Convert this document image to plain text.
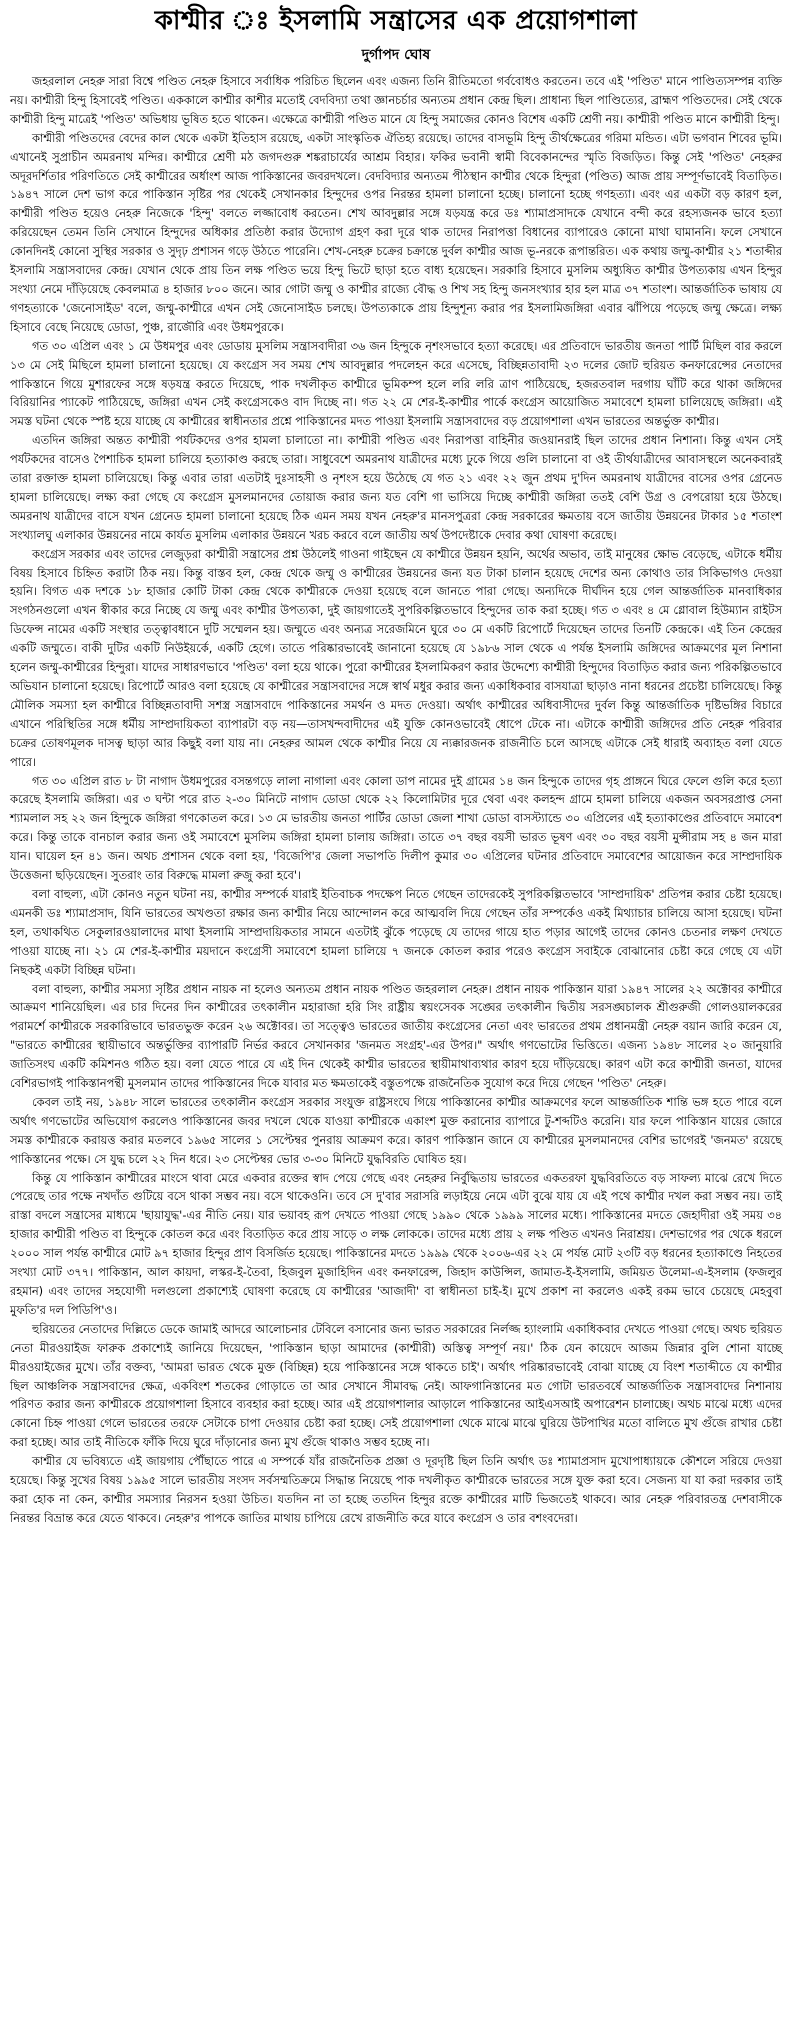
কাশ্মীর ঃ ইসলামি সন্ত্রাসের এক প্রয়োগশালা
দুর্গাপদ ঘোষ

জহরলাল নেহরু সারা বিশ্বে পণ্ডিত নেহরু হিসাবে সর্বাধিক পরিচিত ছিলেন এবং এজন্য তিনি রীতিমতো গর্ববোধও করতেন। তবে এই 'পণ্ডিত' মানে পাণ্ডিত্যসম্পন্ন ব্যক্তি নয়। কাশ্মীরী হিন্দু হিসাবেই পণ্ডিত। এককালে কাশ্মীর কাশীর মতোই বেদবিদ্যা তথা জ্ঞানচর্চার অন্যতম প্রধান কেন্দ্র ছিল। প্রাধান্য ছিল পাণ্ডিত্যের, ব্রাহ্মণ পণ্ডিতদের। সেই থেকে কাশ্মীরী হিন্দু মাত্রেই 'পণ্ডিত' অভিধায় ভূষিত হতে থাকেন। এক্ষেত্রে কাশ্মীরী পণ্ডিত মানে যে হিন্দু সমাজের কোনও বিশেষ একটি শ্রেণী নয়। কাশ্মীরী পণ্ডিত মানে কাশ্মীরী হিন্দু।

কাশ্মীরী পণ্ডিতদের বেদের কাল থেকে একটা ইতিহাস রয়েছে, একটা সাংস্কৃতিক ঐতিহ্য রয়েছে। তাদের বাসভূমি হিন্দু তীর্থক্ষেত্রের গরিমা মন্ডিত। এটা ভগবান শিবের ভূমি। এখানেই সুপ্রাচীন অমরনাথ মন্দির। কাশ্মীরে শ্রেণী মঠ জগদগুরু শঙ্করাচার্যের আশ্রম বিহার। ফকির ভবানী স্বামী বিবেকানন্দের স্মৃতি বিজড়িত। কিন্তু সেই 'পণ্ডিত' নেহরুর অদূরদর্শিতার পরিণতিতে সেই কাশ্মীরের অর্ধাংশ আজ পাকিস্তানের জবরদখলে। বেদবিদ্যার অন্যতম পীঠস্থান কাশ্মীর থেকে হিন্দুরা (পণ্ডিত) আজ প্রায় সম্পূর্ণভাবেই বিতাড়িত। ১৯৪৭ সালে দেশ ভাগ করে পাকিস্তান সৃষ্টির পর থেকেই সেখানকার হিন্দুদের ওপর নিরন্তর হামলা চালানো হচ্ছে। চালানো হচ্ছে গণহত্যা। এবং এর একটা বড় কারণ হল, কাশ্মীরী পণ্ডিত হয়েও নেহরু নিজেকে 'হিন্দু' বলতে লজ্জাবোধ করতেন। শেখ আবদুল্লার সঙ্গে যড়যন্ত্র করে ডঃ শ্যামাপ্রসাদকে যেখানে বন্দী করে রহস্যজনক ভাবে হত্যা করিয়েছেন তেমন তিনি সেখানে হিন্দুদের অধিকার প্রতিষ্ঠা করার উদ্যোগ গ্রহণ করা দূরে থাক তাদের নিরাপত্তা বিধানের ব্যাপারেও কোনো মাথা ঘামাননি। ফলে সেখানে কোনদিনই কোনো সুস্থির সরকার ও সুদৃঢ় প্রশাসন গড়ে উঠতে পারেনি। শেখ-নেহরু চক্রের চক্রান্তে দুর্বল কাশ্মীর আজ ভূ-নরকে রূপান্তরিত। এক কথায় জম্মু-কাশ্মীর ২১ শতাব্দীর ইসলামি সন্ত্রাসবাদের কেন্দ্র। যেখান থেকে প্রায় তিন লক্ষ পণ্ডিত ভয়ে হিন্দু ভিটে ছাড়া হতে বাধ্য হয়েছেন। সরকারি হিসাবে মুসলিম অধ্যুষিত কাশ্মীর উপত্যকায় এখন হিন্দুর সংখ্যা নেমে দাঁড়িয়েছে কেবলমাত্র ৪ হাজার ৮০০ জনে। আর গোটা জম্মু ও কাশ্মীর রাজ্যে বৌদ্ধ ও শিখ সহ হিন্দু জনসংখ্যার হার হল মাত্র ৩৭ শতাংশ। আন্তর্জাতিক ভাষায় যে গণহত্যাকে 'জেনোসাইড' বলে, জম্মু-কাশ্মীরে এখন সেই জেনোসাইড চলছে। উপত্যকাকে প্রায় হিন্দুশূন্য করার পর ইসলামিজঙ্গিরা এবার ঝাঁপিয়ে পড়েছে জম্মু ক্ষেত্রে। লক্ষ্য হিসাবে বেছে নিয়েছে ডোডা, পুঞ্চ, রাজৌরি এবং উধমপুরকে।

গত ৩০ এপ্রিল এবং ১ মে উধমপুর এবং ডোডায় মুসলিম সন্ত্রাসবাদীরা ৩৬ জন হিন্দুকে নৃশংসভাবে হত্যা করেছে। এর প্রতিবাদে ভারতীয় জনতা পার্টি মিছিল বার করলে ১৩ মে সেই মিছিলে হামলা চালানো হয়েছে। যে কংগ্রেস সব সময় শেখ আবদুল্লার পদলেহন করে এসেছে, বিচ্ছিন্নতাবাদী ২৩ দলের জোট হুরিয়ত কনফারেন্সের নেতাদের পাকিস্তানে গিয়ে মুশারফের সঙ্গে ষড়যন্ত্র করতে দিয়েছে, পাক দখলীকৃত কাশ্মীরে ভূমিকম্প হলে লরি লরি ত্রাণ পাঠিয়েছে, হজরতবাল দরগায় ঘাঁটি করে থাকা জঙ্গিদের বিরিয়ানির প্যাকেট পাঠিয়েছে, জঙ্গিরা এখন সেই কংগ্রেসকেও বাদ দিচ্ছে না। গত ২২ মে শের-ই-কাশ্মীর পার্কে কংগ্রেস আয়োজিত সমাবেশে হামলা চালিয়েছে জঙ্গিরা। এই সমস্ত ঘটনা থেকে স্পষ্ট হয়ে যাচ্ছে যে কাশ্মীরের স্বাধীনতার প্রশ্নে পাকিস্তানের মদত পাওয়া ইসলামি সন্ত্রাসবাদের বড় প্রয়োগশালা এখন ভারতের অন্তর্ভুক্ত কাশ্মীর।

এতদিন জঙ্গিরা অন্তত কাশ্মীরী পর্যটকদের ওপর হামলা চালাতো না। কাশ্মীরী পণ্ডিত এবং নিরাপত্তা বাহিনীর জওয়ানরাই ছিল তাদের প্রধান নিশানা। কিন্তু এখন সেই পর্যটকদের বাসেও পৈশাচিক হামলা চালিয়ে হত্যাকাণ্ড করছে তারা। সাধুবেশে অমরনাথ যাত্রীদের মধ্যে ঢুকে গিয়ে গুলি চালানো বা ওই তীর্থযাত্রীদের আবাসস্থলে অনেকবারই তারা রক্তাক্ত হামলা চালিয়েছে। কিন্তু এবার তারা এতটাই দুঃসাহসী ও নৃশংস হয়ে উঠেছে যে গত ২১ এবং ২২ জুন প্রথম দু'দিন অমরনাথ যাত্রীদের বাসের ওপর গ্রেনেড হামলা চালিয়েছে। লক্ষ্য করা গেছে যে কংগ্রেস মুসলমানদের তোয়াজ করার জন্য যত বেশি গা ভাসিয়ে দিচ্ছে কাশ্মীরী জঙ্গিরা ততই বেশি উগ্র ও বেপরোয়া হয়ে উঠছে। অমরনাথ যাত্রীদের বাসে যখন গ্রেনেড হামলা চালানো হয়েছে ঠিক এমন সময় যখন নেহরু'র মানসপুত্ররা কেন্দ্র সরকারের ক্ষমতায় বসে জাতীয় উন্নয়নের টাকার ১৫ শতাংশ সংখ্যালঘু এলাকার উন্নয়নের নামে কার্যত মুসলিম এলাকার উন্নয়নে খরচ করবে বলে জাতীয় অর্থ উপদেষ্টাকে দেবার কথা ঘোষণা করেছে।

কংগ্রেস সরকার এবং তাদের লেজুড়রা কাশ্মীরী সন্ত্রাসের প্রশ্ন উঠলেই গাওনা গাইছেন যে কাশ্মীরে উন্নয়ন হয়নি, অর্থের অভাব, তাই মানুষের ক্ষোভ বেড়েছে, এটাকে ধর্মীয় বিষয় হিসাবে চিহ্নিত করাটা ঠিক নয়। কিন্তু বাস্তব হল, কেন্দ্র থেকে জম্মু ও কাশ্মীরের উন্নয়নের জন্য যত টাকা চালান হয়েছে দেশের অন্য কোথাও তার সিকিভাগও দেওয়া হয়নি। বিগত এক দশকে ১৮ হাজার কোটি টাকা কেন্দ্র থেকে কাশ্মীরকে দেওয়া হয়েছে বলে জানতে পারা গেছে। অন্যদিকে দীর্ঘদিন হয়ে গেল আন্তর্জাতিক মানবাধিকার সংগঠনগুলো এখন স্বীকার করে নিচ্ছে যে জম্মু এবং কাশ্মীর উপত্যকা, দুই জায়গাতেই সুপরিকল্পিতভাবে হিন্দুদের তাক করা হচ্ছে। গত ৩ এবং ৪ মে গ্লোবাল হিউম্যান রাইটস ডিফেন্স নামের একটি সংস্থার তত্ত্বাবধানে দুটি সম্মেলন হয়। জম্মুতে এবং অন্যত্র সরেজমিনে ঘুরে ৩০ মে একটি রিপোর্টে দিয়েছেন তাদের তিনটি কেন্দ্রকে। এই তিন কেন্দ্রের একটি জম্মুতে। বাকী দুটির একটি নিউইয়র্কে, একটি হেগে। তাতে পরিষ্কারভাবেই জানানো হয়েছে যে ১৯৮৬ সাল থেকে এ পর্যন্ত ইসলামি জঙ্গিদের আক্রমণের মূল নিশানা হলেন জম্মু-কাশ্মীরের হিন্দুরা। যাদের সাধারণভাবে 'পণ্ডিত' বলা হয়ে থাকে। পুরো কাশ্মীরের ইসলামিকরণ করার উদ্দেশ্যে কাশ্মীরী হিন্দুদের বিতাড়িত করার জন্য পরিকল্পিতভাবে অভিযান চালানো হয়েছে। রিপোর্টে আরও বলা হয়েছে যে কাশ্মীরের সন্ত্রাসবাদের সঙ্গে স্বার্থ মধুর করার জন্য একাধিকবার বাসযাত্রা ছাড়াও নানা ধরনের প্রচেষ্টা চালিয়েছে। কিন্তু মৌলিক সমস্যা হল কাশ্মীরে বিচ্ছিন্নতাবাদী সশস্ত্র সন্ত্রাসবাদে পাকিস্তানের সমর্থন ও মদত দেওয়া। অর্থাৎ কাশ্মীরের অধিবাসীদের দুর্বল কিন্তু আন্তর্জাতিক দৃষ্টিভঙ্গির বিচারে এখানে পরিস্থিতির সঙ্গে ধর্মীয় সাম্প্রদায়িকতা ব্যাপারটা বড় নয়—তাসখন্দবাদীদের এই যুক্তি কোনওভাবেই ধোপে টেকে না। এটাকে কাশ্মীরী জঙ্গিদের প্রতি নেহরু পরিবার চক্রের তোষণমূলক দাসত্ব ছাড়া আর কিছুই বলা যায় না। নেহরুর আমল থেকে কাশ্মীর নিয়ে যে ন্যক্কারজনক রাজনীতি চলে আসছে এটাকে সেই ধারাই অব্যাহত বলা যেতে পারে।

গত ৩০ এপ্রিল রাত ৮ টা নাগাদ উধমপুরের বসন্তগড়ে লালা নাগালা এবং কোলা ডাপ নামের দুই গ্রামের ১৪ জন হিন্দুকে তাদের গৃহ প্রাঙ্গনে ঘিরে ফেলে গুলি করে হত্যা করেছে ইসলামি জঙ্গিরা। এর ৩ ঘন্টা পরে রাত ২-৩০ মিনিটে নাগাদ ডোডা থেকে ২২ কিলোমিটার দূরে থেবা এবং কলহন্দ গ্রামে হামলা চালিয়ে একজন অবসরপ্রাপ্ত সেনা শ্যামলাল সহ ২২ জন হিন্দুকে জঙ্গিরা গণকোতল করে। ১৩ মে ভারতীয় জনতা পার্টির ডোডা জেলা শাখা ডোডা বাসস্ট্যান্ডে ৩০ এপ্রিলের এই হত্যাকাণ্ডের প্রতিবাদে সমাবেশ করে। কিন্তু তাকে বানচাল করার জন্য ওই সমাবেশে মুসলিম জঙ্গিরা হামলা চালায় জঙ্গিরা। তাতে ৩৭ বছর বয়সী ভারত ভূষণ এবং ৩০ বছর বয়সী মুন্সীরাম সহ ৪ জন মারা যান। ঘায়েল হন ৪১ জন। অথচ প্রশাসন থেকে বলা হয়, 'বিজেপি'র জেলা সভাপতি দিলীপ কুমার ৩০ এপ্রিলের ঘটনার প্রতিবাদে সমাবেশের আয়োজন করে সাম্প্রদায়িক উত্তেজনা ছড়িয়েছেন। সুতরাং তার বিরুদ্ধে মামলা রুজু করা হবে'।

বলা বাহুল্য, এটা কোনও নতুন ঘটনা নয়, কাশ্মীর সম্পর্কে যারাই ইতিবাচক পদক্ষেপ নিতে গেছেন তাদেরকেই সুপরিকল্পিতভাবে 'সাম্প্রদায়িক' প্রতিপন্ন করার চেষ্টা হয়েছে। এমনকী ডঃ শ্যামাপ্রসাদ, যিনি ভারতের অখণ্ডতা রক্ষার জন্য কাশ্মীর নিয়ে আন্দোলন করে আত্মবলি দিয়ে গেছেন তাঁর সম্পর্কেও একই মিথ্যাচার চালিয়ে আসা হয়েছে। ঘটনা হল, তথাকথিত সেকুলারওয়ালাদের মাথা ইসলামি সাম্প্রদায়িকতার সামনে এতটাই ঝুঁকে পড়েছে যে তাদের গায়ে হাত পড়ার আগেই তাদের কোনও চেতনার লক্ষণ দেখতে পাওয়া যাচ্ছে না। ২১ মে শের-ই-কাশ্মীর ময়দানে কংগ্রেসী সমাবেশে হামলা চালিয়ে ৭ জনকে কোতল করার পরেও কংগ্রেস সবাইকে বোঝানোর চেষ্টা করে গেছে যে এটা নিছকই একটা বিচ্ছিন্ন ঘটনা।

বলা বাহুল্য, কাশ্মীর সমস্যা সৃষ্টির প্রধান নায়ক না হলেও অন্যতম প্রধান নায়ক পণ্ডিত জহরলাল নেহরু। প্রধান নায়ক পাকিস্তান যারা ১৯৪৭ সালের ২২ অক্টোবর কাশ্মীরে আক্রমণ শানিয়েছিল। এর চার দিনের দিন কাশ্মীরের তৎকালীন মহারাজা হরি সিং রাষ্ট্রীয় স্বয়ংসেবক সঙ্ঘের তৎকালীন দ্বিতীয় সরসঙ্ঘচালক শ্রীগুরুজী গোলওয়ালকরের পরামর্শে কাশ্মীরকে সরকারিভাবে ভারতভুক্ত করেন ২৬ অক্টোবর। তা সত্ত্বেও ভারতের জাতীয় কংগ্রেসের নেতা এবং ভারতের প্রথম প্রধানমন্ত্রী নেহরু বয়ান জারি করেন যে, "ভারতে কাশ্মীরের স্থায়ীভাবে অন্তর্ভুক্তির ব্যাপারটি নির্ভর করবে সেখানকার 'জনমত সংগ্রহ'-এর উপর।" অর্থাৎ গণভোটের ভিত্তিতে। এজন্য ১৯৪৮ সালের ২০ জানুয়ারি জাতিসংঘ একটি কমিশনও গঠিত হয়। বলা যেতে পারে যে এই দিন থেকেই কাশ্মীর ভারতের স্থায়ীমাথাব্যথার কারণ হয়ে দাঁড়িয়েছে। কারণ এটা করে কাশ্মীরী জনতা, যাদের বেশিরভাগই পাকিস্তানপন্থী মুসলমান তাদের পাকিস্তানের দিকে যাবার মত ক্ষমতাকেই বস্তুতপক্ষে রাজনৈতিক সুযোগ করে দিয়ে গেছেন 'পণ্ডিত' নেহরু।

কেবল তাই নয়, ১৯৪৮ সালে ভারতের তৎকালীন কংগ্রেস সরকার সংযুক্ত রাষ্ট্রসংঘে গিয়ে পাকিস্তানের কাশ্মীর আক্রমণের ফলে আন্তর্জাতিক শান্তি ভঙ্গ হতে পারে বলে অর্থাৎ গণভোটের অভিযোগ করলেও পাকিস্তানের জবর দখলে থেকে যাওয়া কাশ্মীরকে একাংশ মুক্ত করানোর ব্যাপারে টু-শব্দটিও করেনি। যার ফলে পাকিস্তান যায়ের জোরে সমস্ত কাশ্মীরকে করায়ত্ত করার মতলবে ১৯৬৫ সালের ১ সেপ্টেম্বর পুনরায় আক্রমণ করে। কারণ পাকিস্তান জানে যে কাশ্মীরের মুসলমানদের বেশির ভাগেরই 'জনমত' রয়েছে পাকিস্তানের পক্ষে। সে যুদ্ধ চলে ২২ দিন ধরে। ২৩ সেপ্টেম্বর ভোর ৩-৩০ মিনিটে যুদ্ধবিরতি ঘোষিত হয়।

কিন্তু যে পাকিস্তান কাশ্মীরের মাংসে থাবা মেরে একবার রক্তের স্বাদ পেয়ে গেছে এবং নেহরুর নির্বুদ্ধিতায় ভারতের একতরফা যুদ্ধবিরতিতে বড় সাফল্য মাঝে রেখে দিতে পেরেছে তার পক্ষে নখদাঁত গুটিয়ে বসে থাকা সম্ভব নয়। বসে থাকেওনি। তবে সে দু'বার সরাসরি লড়াইয়ে নেমে এটা বুঝে যায় যে এই পথে কাশ্মীর দখল করা সম্ভব নয়। তাই রাস্তা বদলে সন্ত্রাসের মাধ্যমে 'ছায়াযুদ্ধ'-এর নীতি নেয়। যার ভয়াবহ রূপ দেখতে পাওয়া গেছে ১৯৯০ থেকে ১৯৯৯ সালের মধ্যে। পাকিস্তানের মদতে জেহাদীরা ওই সময় ৩৪ হাজার কাশ্মীরী পণ্ডিত বা হিন্দুকে কোতল করে এবং বিতাড়িত করে প্রায় সাড়ে ৩ লক্ষ লোককে। তাদের মধ্যে প্রায় ২ লক্ষ পণ্ডিত এখনও নিরাশ্রয়। দেশভাগের পর থেকে ধরলে ২০০০ সাল পর্যন্ত কাশ্মীরে মোট ৯৭ হাজার হিন্দুর প্রাণ বিসর্জিত হয়েছে। পাকিস্তানের মদতে ১৯৯৯ থেকে ২০০৬-এর ২২ মে পর্যন্ত মোট ২৩টি বড় ধরনের হত্যাকাণ্ডে নিহতের সংখ্যা মোট ৩৭৭। পাকিস্তান, আল কায়দা, লস্কর-ই-তৈবা, হিজবুল মুজাহিদিন এবং কনফারেন্স, জিহাদ কাউন্সিল, জামাত-ই-ইসলামি, জমিয়ত উলেমা-এ-ইসলাম (ফজলুর রহমান) এবং তাদের সহযোগী দলগুলো প্রকাশ্যেই ঘোষণা করেছে যে কাশ্মীরের 'আজাদী' বা স্বাধীনতা চাই-ই। মুখে প্রকাশ না করলেও একই রকম ভাবে চেয়েছে মেহবুবা মুফতি'র দল পিডিপি'ও।

হুরিয়তের নেতাদের দিল্লিতে ডেকে জামাই আদরে আলোচনার টেবিলে বসানোর জন্য ভারত সরকারের নির্লজ্জ হ্যাংলামি একাধিকবার দেখতে পাওয়া গেছে। অথচ হুরিয়ত নেতা মীরওয়াইজ ফারুক প্রকাশ্যেই জানিয়ে দিয়েছেন, 'পাকিস্তান ছাড়া আমাদের (কাশ্মীরী) অস্তিত্ব সম্পূর্ণ নয়।' ঠিক যেন কায়েদে আজম জিন্নার বুলি শোনা যাচ্ছে মীরওয়াইজের মুখে। তাঁর বক্তব্য, 'আমরা ভারত থেকে মুক্ত (বিচ্ছিন্ন) হয়ে পাকিস্তানের সঙ্গে থাকতে চাই'। অর্থাৎ পরিষ্কারভাবেই বোঝা যাচ্ছে যে বিংশ শতাব্দীতে যে কাশ্মীর ছিল আঞ্চলিক সন্ত্রাসবাদের ক্ষেত্র, একবিংশ শতকের গোড়াতে তা আর সেখানে সীমাবদ্ধ নেই। আফগানিস্তানের মত গোটা ভারতবর্ষে আন্তর্জাতিক সন্ত্রাসবাদের নিশানায় পরিণত করার জন্য কাশ্মীরকে প্রয়োগশালা হিসাবে ব্যবহার করা হচ্ছে। আর এই প্রয়োগশালার আড়ালে পাকিস্তানের আইএসআই অপারেশন চালাচ্ছে। অথচ মাঝে মধ্যে এদের কোনো চিহ্ন পাওয়া গেলে ভারতের তরফে সেটাকে চাপা দেওয়ার চেষ্টা করা হচ্ছে। সেই প্রয়োগশালা থেকে মাঝে মাঝে ঘুরিয়ে উটপাখির মতো বালিতে মুখ গুঁজে রাখার চেষ্টা করা হচ্ছে। আর তাই নীতিকে ফাঁকি দিয়ে ঘুরে দাঁড়ানোর জন্য মুখ গুঁজে থাকাও সম্ভব হচ্ছে না।

কাশ্মীর যে ভবিষ্যতে এই জায়গায় পৌঁছাতে পারে এ সম্পর্কে যাঁর রাজনৈতিক প্রজ্ঞা ও দূরদৃষ্টি ছিল তিনি অর্থাৎ ডঃ শ্যামাপ্রসাদ মুখোপাধ্যায়কে কৌশলে সরিয়ে দেওয়া হয়েছে। কিন্তু সুখের বিষয় ১৯৯৫ সালে ভারতীয় সংসদ সর্বসম্মতিক্রমে সিদ্ধান্ত নিয়েছে পাক দখলীকৃত কাশ্মীরকে ভারতের সঙ্গে যুক্ত করা হবে। সেজন্য যা যা করা দরকার তাই করা হোক না কেন, কাশ্মীর সমস্যার নিরসন হওয়া উচিত। যতদিন না তা হচ্ছে ততদিন হিন্দুর রক্তে কাশ্মীরের মাটি ভিজতেই থাকবে। আর নেহরু পরিবারতন্ত্র দেশবাসীকে নিরন্তর বিভ্রান্ত করে যেতে থাকবে। নেহরু'র পাপকে জাতির মাথায় চাপিয়ে রেখে রাজনীতি করে যাবে কংগ্রেস ও তার বশংবদেরা।
